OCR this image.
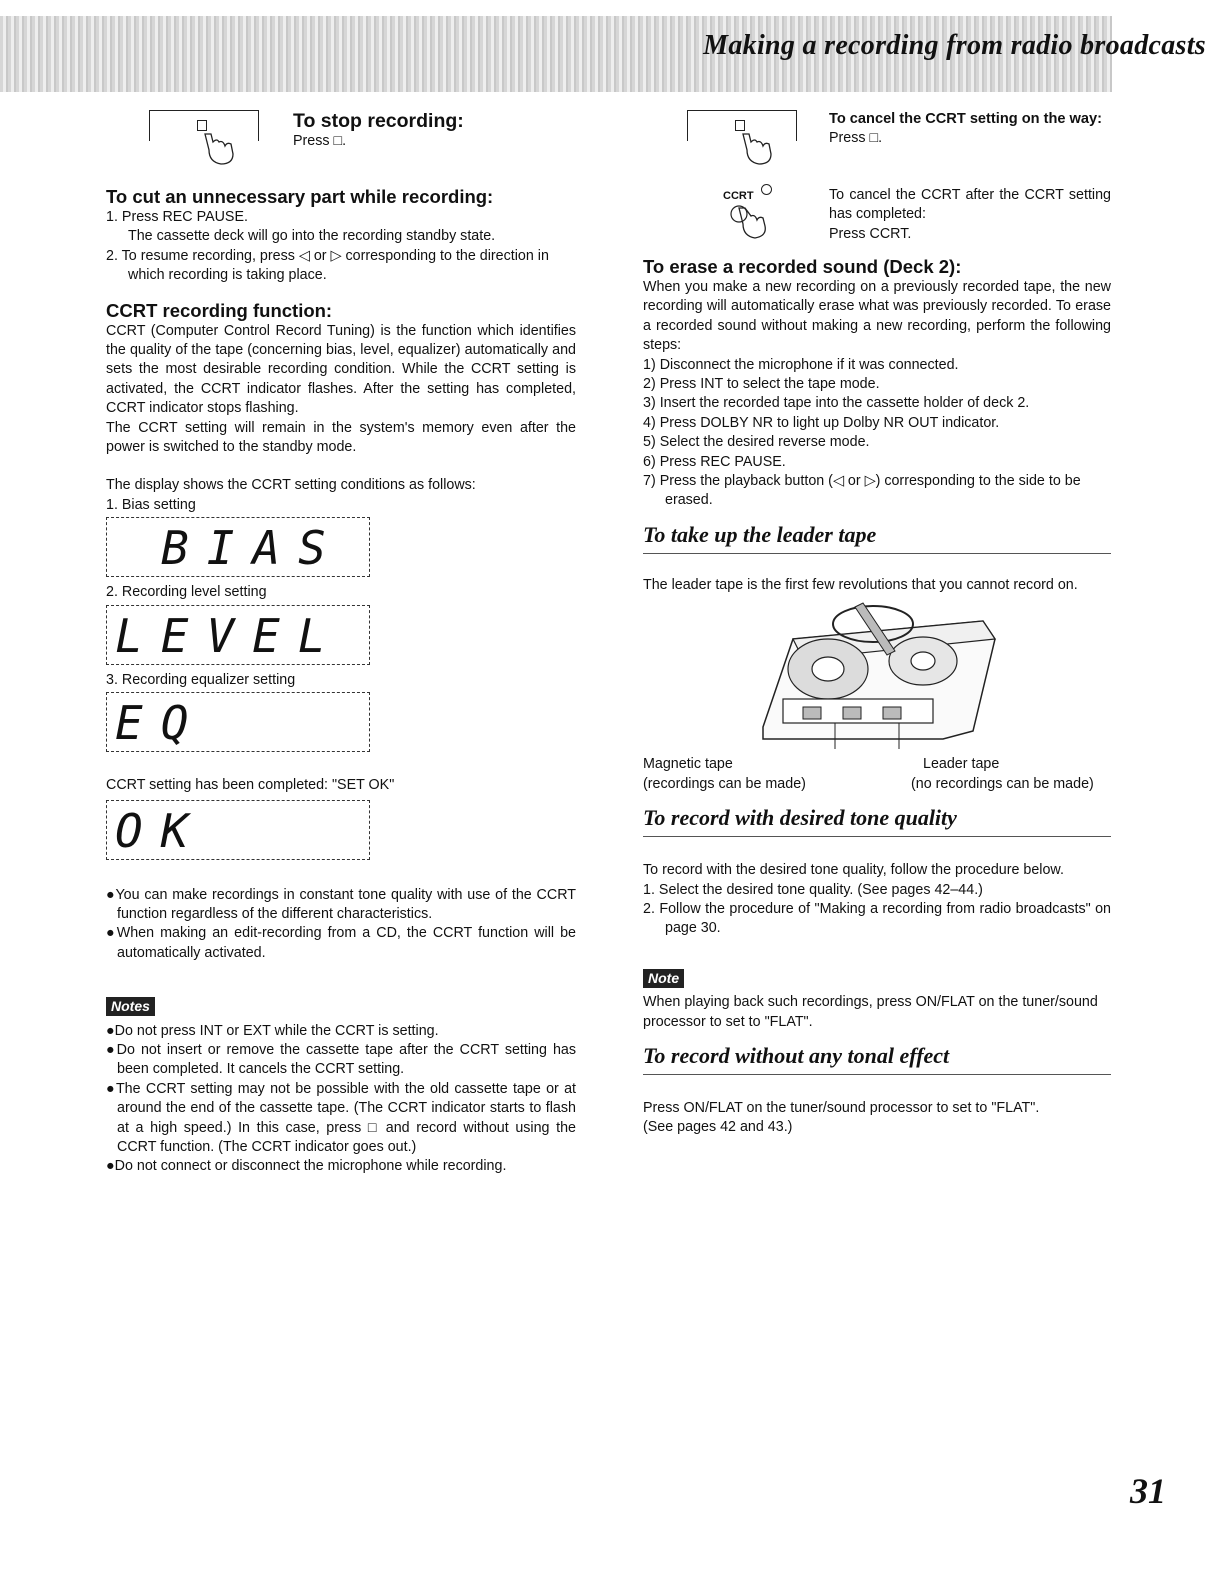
Making a recording from radio broadcasts
To stop recording:

Press □.

To cut an unnecessary part while recording:
1. Press REC PAUSE.
The cassette deck will go into the recording standby state.
2. To resume recording, press ◁ or ▷ corresponding to the direction in which recording is taking place.
CCRT recording function:

CCRT (Computer Control Record Tuning) is the function which identifies the quality of the tape (concerning bias, level, equalizer) automatically and sets the most desirable recording condition. While the CCRT setting is activated, the CCRT indicator flashes. After the setting has completed, CCRT indicator stops flashing.

The CCRT setting will remain in the system's memory even after the power is switched to the standby mode.

The display shows the CCRT setting conditions as follows:

1. Bias setting

BIAS

2. Recording level setting

LEVEL

3. Recording equalizer setting

EQ

CCRT setting has been completed: "SET OK"

OK
●You can make recordings in constant tone quality with use of the CCRT function regardless of the different characteristics.
●When making an edit-recording from a CD, the CCRT function will be automatically activated.
Notes
●Do not press INT or EXT while the CCRT is setting.
●Do not insert or remove the cassette tape after the CCRT setting has been completed. It cancels the CCRT setting.
●The CCRT setting may not be possible with the old cassette tape or at around the end of the cassette tape. (The CCRT indicator starts to flash at a high speed.) In this case, press □ and record without using the CCRT function. (The CCRT indicator goes out.)
●Do not connect or disconnect the microphone while recording.
To cancel the CCRT setting on the way:

Press □.

CCRT	To cancel the CCRT after the CCRT setting has completed:

Press CCRT.

To erase a recorded sound (Deck 2):

When you make a new recording on a previously recorded tape, the new recording will automatically erase what was previously recorded. To erase a recorded sound without making a new recording, perform the following steps:

1) Disconnect the microphone if it was connected.
2) Press INT to select the tape mode.
3) Insert the recorded tape into the cassette holder of deck 2.
4) Press DOLBY NR to light up Dolby NR OUT indicator.
5) Select the desired reverse mode.
6) Press REC PAUSE.
7) Press the playback button (◁ or ▷) corresponding to the side to be erased.
To take up the leader tape

The leader tape is the first few revolutions that you cannot record on.

Magnetic tape

(recordings can be made)

Leader tape

(no recordings can be made)

To record with desired tone quality

To record with the desired tone quality, follow the procedure below.

1. Select the desired tone quality. (See pages 42–44.)
2. Follow the procedure of "Making a recording from radio broadcasts" on page 30.
Note

When playing back such recordings, press ON/FLAT on the tuner/sound processor to set to "FLAT".

To record without any tonal effect

Press ON/FLAT on the tuner/sound processor to set to "FLAT".

(See pages 42 and 43.)

31
